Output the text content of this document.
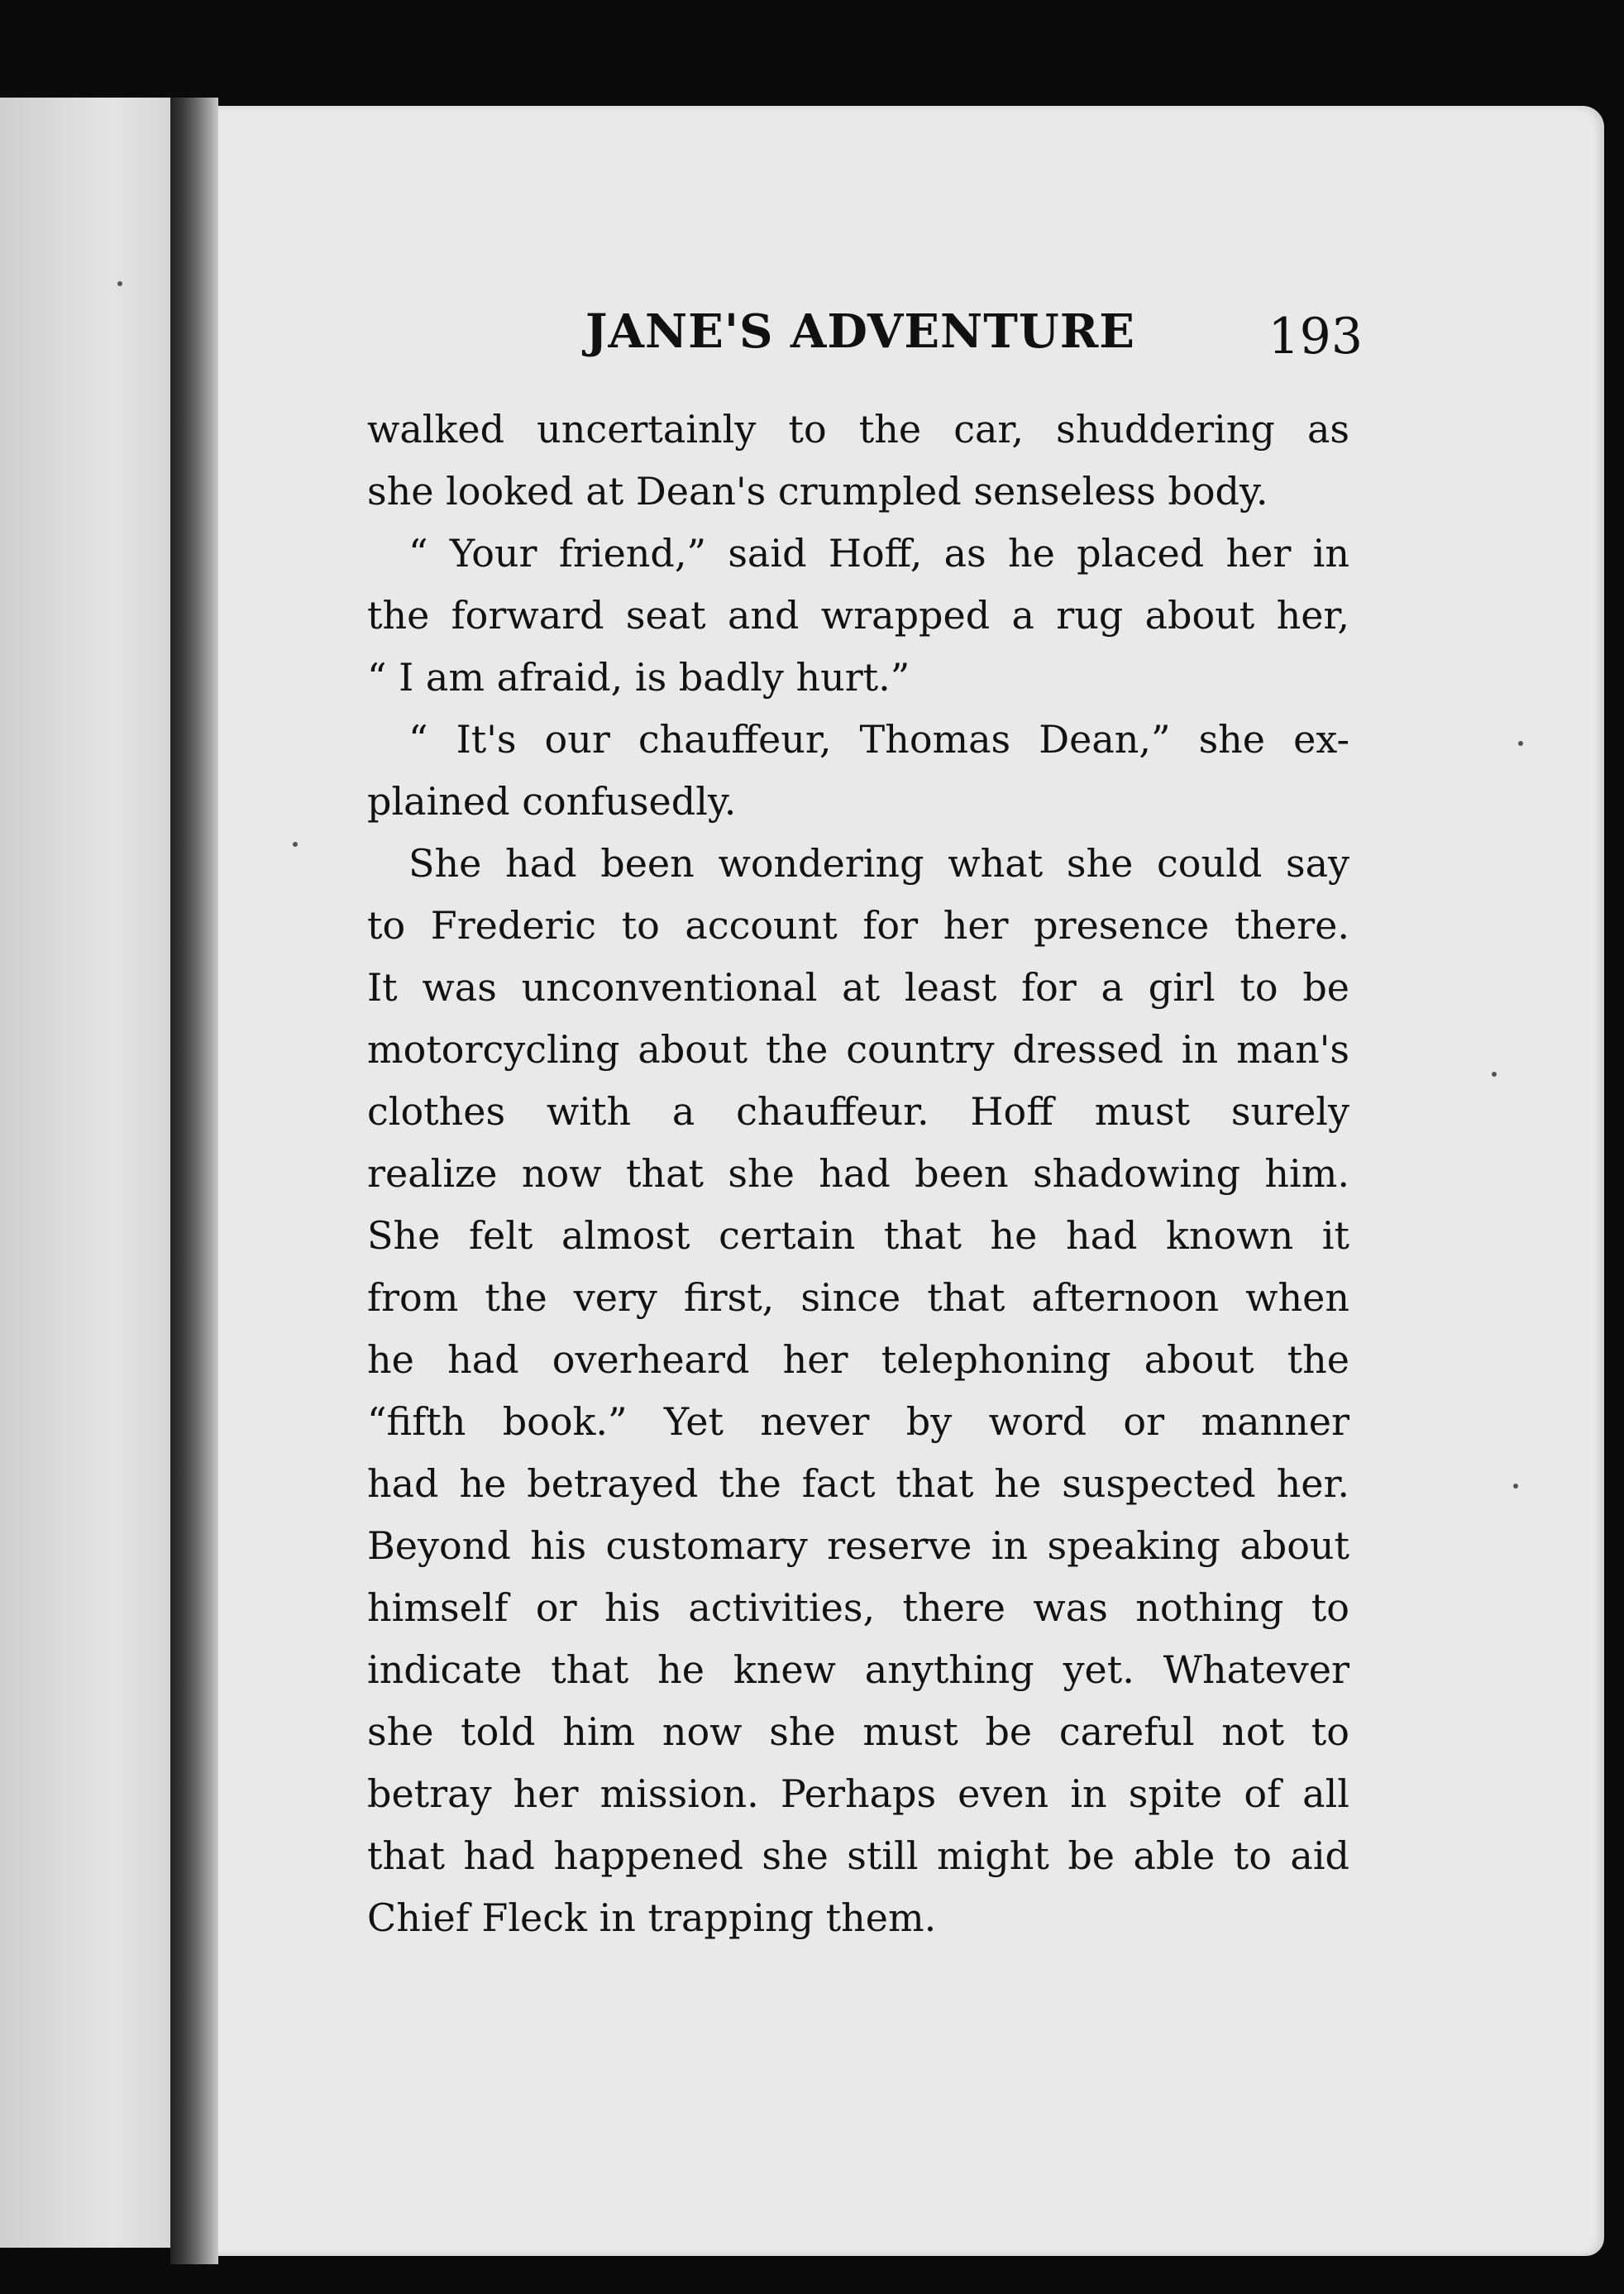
JANE'S ADVENTURE	193

walked uncertainly to the car, shuddering as
she looked at Dean's crumpled senseless body.

“ Your friend,” said Hoff, as he placed her in
the forward seat and wrapped a rug about her,
“ I am afraid, is badly hurt.”

“ It's our chauffeur, Thomas Dean,” she ex-
plained confusedly.

She had been wondering what she could say
to Frederic to account for her presence there.
It was unconventional at least for a girl to be
motorcycling about the country dressed in man's
clothes with a chauffeur. Hoff must surely
realize now that she had been shadowing him.
She felt almost certain that he had known it
from the very first, since that afternoon when
he had overheard her telephoning about the
“fifth book.” Yet never by word or manner
had he betrayed the fact that he suspected her.
Beyond his customary reserve in speaking about
himself or his activities, there was nothing to
indicate that he knew anything yet. Whatever
she told him now she must be careful not to
betray her mission. Perhaps even in spite of all
that had happened she still might be able to aid
Chief Fleck in trapping them.
